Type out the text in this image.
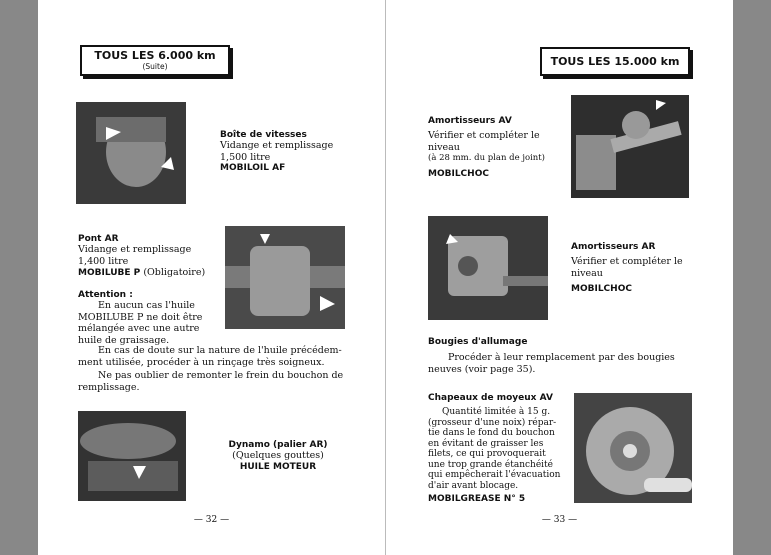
TOUS LES 6.000 km
(Suite)
Boîte de vitesses
Vidange et remplissage
1,500 litre
MOBILOIL AF
Pont AR
Vidange et remplissage
1,400 litre
MOBILUBE P (Obligatoire)
Attention :
En aucun cas l'huile
MOBILUBE P ne doit être
mélangée avec une autre
huile de graissage.
En cas de doute sur la nature de l'huile précédem-
ment utilisée, procéder à un rinçage très soigneux.
Ne pas oublier de remonter le frein du bouchon de
remplissage.
Dynamo (palier AR)
(Quelques gouttes)
HUILE MOTEUR
— 32 —
TOUS LES 15.000 km
Amortisseurs AV
Vérifier et compléter le
niveau
(à 28 mm. du plan de joint)
MOBILCHOC
Amortisseurs AR
Vérifier et compléter le
niveau
MOBILCHOC
Bougies d'allumage
Procéder à leur remplacement par des bougies
neuves (voir page 35).
Chapeaux de moyeux AV
Quantité limitée à 15 g.
(grosseur d'une noix) répar-
tie dans le fond du bouchon
en évitant de graisser les
filets, ce qui provoquerait
une trop grande étanchéité
qui empêcherait l'évacuation
d'air avant blocage.
MOBILGREASE N° 5
— 33 —
